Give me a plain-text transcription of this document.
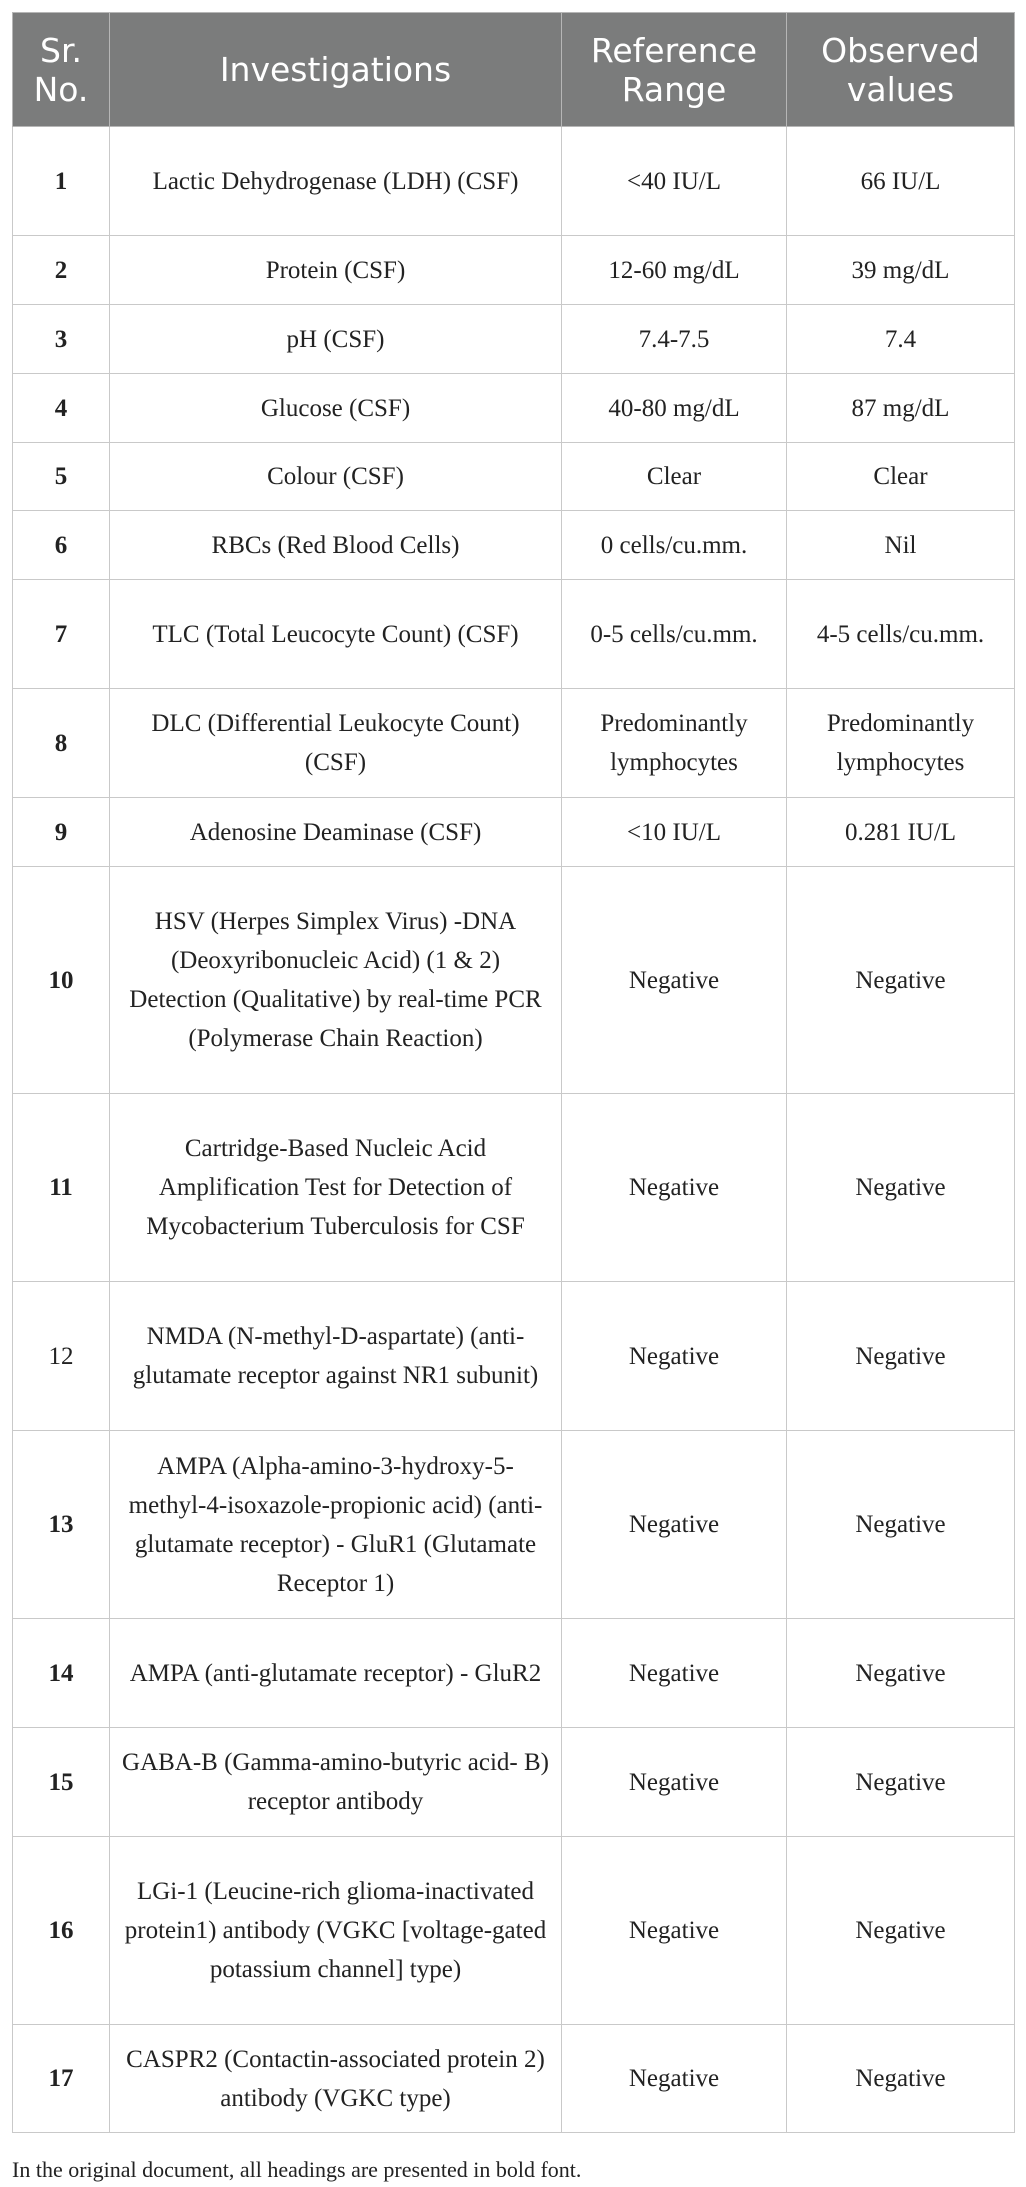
Sr. No.	Investigations	Reference Range	Observed values
1	Lactic Dehydrogenase (LDH) (CSF)	<40 IU/L	66 IU/L
2	Protein (CSF)	12-60 mg/dL	39 mg/dL
3	pH (CSF)	7.4-7.5	7.4
4	Glucose (CSF)	40-80 mg/dL	87 mg/dL
5	Colour (CSF)	Clear	Clear
6	RBCs (Red Blood Cells)	0 cells/cu.mm.	Nil
7	TLC (Total Leucocyte Count) (CSF)	0-5 cells/cu.mm.	4-5 cells/cu.mm.
8	DLC (Differential Leukocyte Count) (CSF)	Predominantly lymphocytes	Predominantly lymphocytes
9	Adenosine Deaminase (CSF)	<10 IU/L	0.281 IU/L
10	HSV (Herpes Simplex Virus) -DNA (Deoxyribonucleic Acid) (1 & 2) Detection (Qualitative) by real-time PCR (Polymerase Chain Reaction)	Negative	Negative
11	Cartridge-Based Nucleic Acid Amplification Test for Detection of Mycobacterium Tuberculosis for CSF	Negative	Negative
12	NMDA (N-methyl-D-aspartate) (anti-glutamate receptor against NR1 subunit)	Negative	Negative
13	AMPA (Alpha-amino-3-hydroxy-5-methyl-4-isoxazole-propionic acid) (anti-glutamate receptor) - GluR1 (Glutamate Receptor 1)	Negative	Negative
14	AMPA (anti-glutamate receptor) - GluR2	Negative	Negative
15	GABA-B (Gamma-amino-butyric acid- B) receptor antibody	Negative	Negative
16	LGi-1 (Leucine-rich glioma-inactivated protein1) antibody (VGKC [voltage-gated potassium channel] type)	Negative	Negative
17	CASPR2 (Contactin-associated protein 2) antibody (VGKC type)	Negative	Negative
In the original document, all headings are presented in bold font.
